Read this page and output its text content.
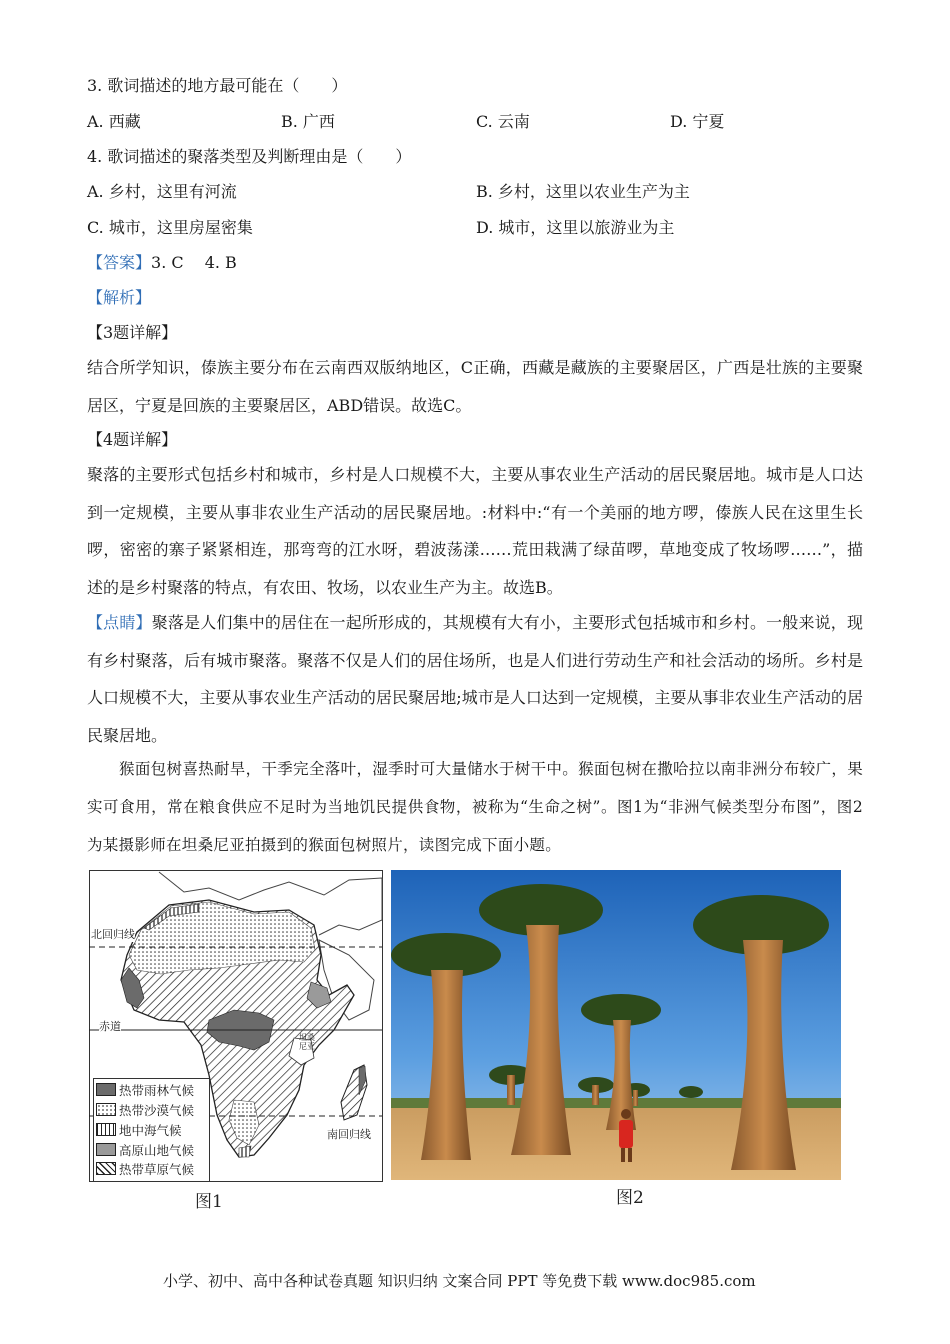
3. 歌词描述的地方最可能在（　　）
A. 西藏	B. 广西	C. 云南	D. 宁夏
4. 歌词描述的聚落类型及判断理由是（　　）
A. 乡村，这里有河流	B. 乡村，这里以农业生产为主
C. 城市，这里房屋密集	D. 城市，这里以旅游业为主
【答案】3. C　 4. B
【解析】
【3题详解】
结合所学知识，傣族主要分布在云南西双版纳地区，C正确，西藏是藏族的主要聚居区，广西是壮族的主要聚居区，宁夏是回族的主要聚居区，ABD错误。故选C。
【4题详解】
聚落的主要形式包括乡村和城市，乡村是人口规模不大，主要从事农业生产活动的居民聚居地。城市是人口达到一定规模，主要从事非农业生产活动的居民聚居地。:材料中:“有一个美丽的地方啰，傣族人民在这里生长啰，密密的寨子紧紧相连，那弯弯的江水呀，碧波荡漾……荒田栽满了绿苗啰，草地变成了牧场啰……”，描述的是乡村聚落的特点，有农田、牧场，以农业生产为主。故选B。
【点睛】聚落是人们集中的居住在一起所形成的，其规模有大有小，主要形式包括城市和乡村。一般来说，现有乡村聚落，后有城市聚落。聚落不仅是人们的居住场所，也是人们进行劳动生产和社会活动的场所。乡村是人口规模不大，主要从事农业生产活动的居民聚居地;城市是人口达到一定规模，主要从事非农业生产活动的居民聚居地。
猴面包树喜热耐旱，干季完全落叶，湿季时可大量储水于树干中。猴面包树在撒哈拉以南非洲分布较广，果实可食用，常在粮食供应不足时为当地饥民提供食物，被称为“生命之树”。图1为“非洲气候类型分布图”，图2为某摄影师在坦桑尼亚拍摄到的猴面包树照片，读图完成下面小题。
北回归线
赤道
南回归线
坦桑尼亚
热带雨林气候
热带沙漠气候
地中海气候
高原山地气候
热带草原气候
图1	图2
小学、初中、高中各种试卷真题 知识归纳 文案合同 PPT 等免费下载 www.doc985.com
